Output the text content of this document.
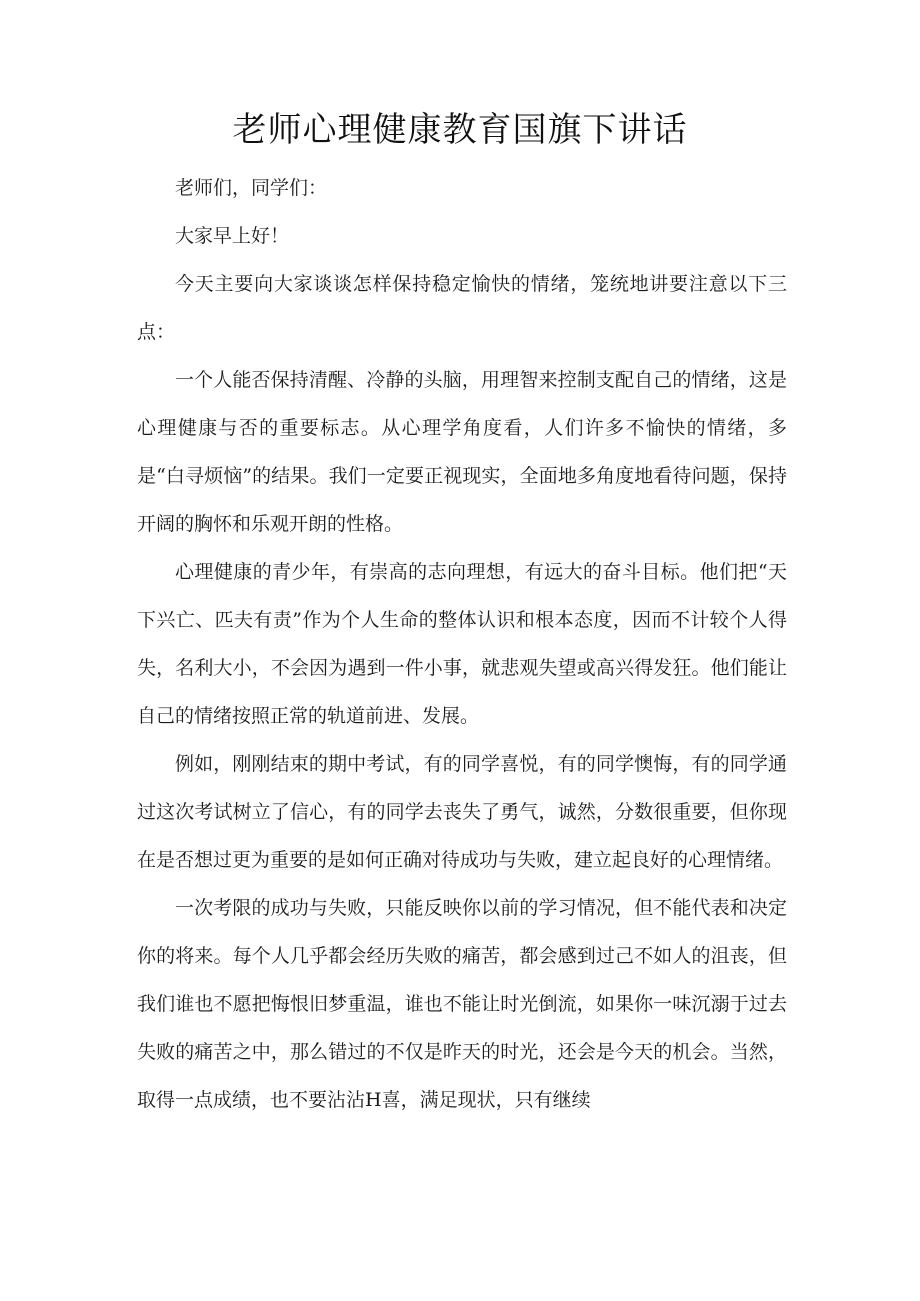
老师心理健康教育国旗下讲话

老师们，同学们：

大家早上好！

今天主要向大家谈谈怎样保持稳定愉快的情绪，笼统地讲要注意以下三点：

一个人能否保持清醒、冷静的头脑，用理智来控制支配自己的情绪，这是心理健康与否的重要标志。从心理学角度看，人们许多不愉快的情绪，多是“白寻烦恼”的结果。我们一定要正视现实，全面地多角度地看待问题，保持开阔的胸怀和乐观开朗的性格。

心理健康的青少年，有崇高的志向理想，有远大的奋斗目标。他们把“天下兴亡、匹夫有责”作为个人生命的整体认识和根本态度，因而不计较个人得失，名利大小，不会因为遇到一件小事，就悲观失望或高兴得发狂。他们能让自己的情绪按照正常的轨道前进、发展。

例如，刚刚结束的期中考试，有的同学喜悦，有的同学懊悔，有的同学通过这次考试树立了信心，有的同学去丧失了勇气，诚然，分数很重要，但你现在是否想过更为重要的是如何正确对待成功与失败，建立起良好的心理情绪。

一次考限的成功与失败，只能反映你以前的学习情况，但不能代表和决定你的将来。每个人几乎都会经历失败的痛苦，都会感到过己不如人的沮丧，但我们谁也不愿把悔恨旧梦重温，谁也不能让时光倒流，如果你一味沉溺于过去失败的痛苦之中，那么错过的不仅是昨天的时光，还会是今天的机会。当然，取得一点成绩，也不要沾沾H喜，满足现状，只有继续
